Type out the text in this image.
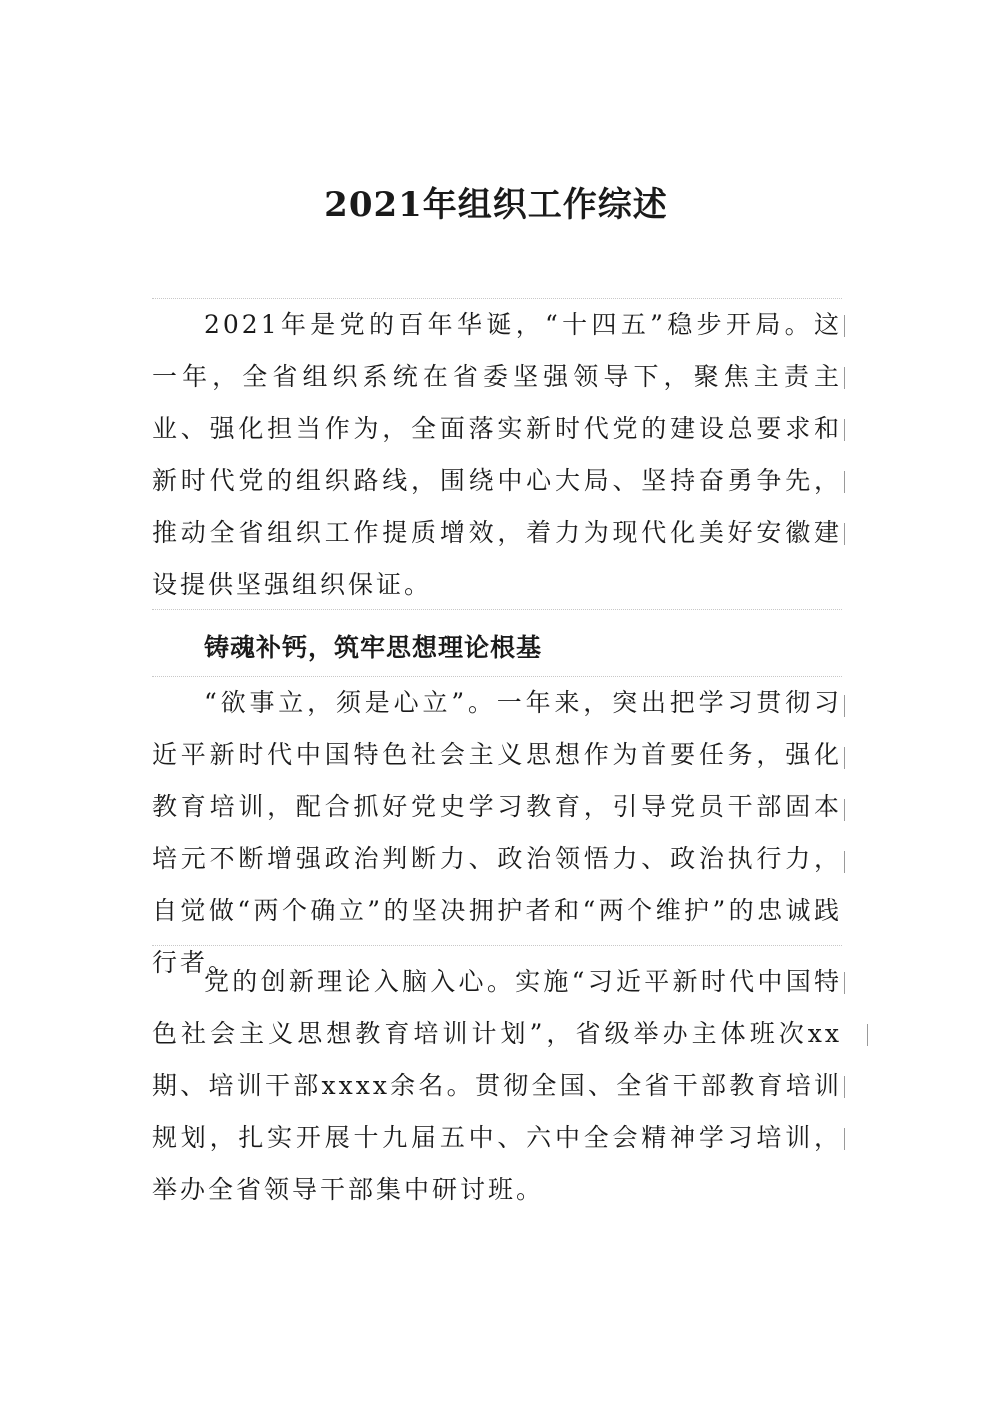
2021年组织工作综述

2021年是党的百年华诞，“十四五”稳步开局。这一年，全省组织系统在省委坚强领导下，聚焦主责主业、强化担当作为，全面落实新时代党的建设总要求和新时代党的组织路线，围绕中心大局、坚持奋勇争先，推动全省组织工作提质增效，着力为现代化美好安徽建设提供坚强组织保证。

铸魂补钙，筑牢思想理论根基

“欲事立，须是心立”。一年来，突出把学习贯彻习近平新时代中国特色社会主义思想作为首要任务，强化教育培训，配合抓好党史学习教育，引导党员干部固本培元不断增强政治判断力、政治领悟力、政治执行力，自觉做“两个确立”的坚决拥护者和“两个维护”的忠诚践行者。

党的创新理论入脑入心。实施“习近平新时代中国特色社会主义思想教育培训计划”，省级举办主体班次xx期、培训干部xxxx余名。贯彻全国、全省干部教育培训规划，扎实开展十九届五中、六中全会精神学习培训，举办全省领导干部集中研讨班。
